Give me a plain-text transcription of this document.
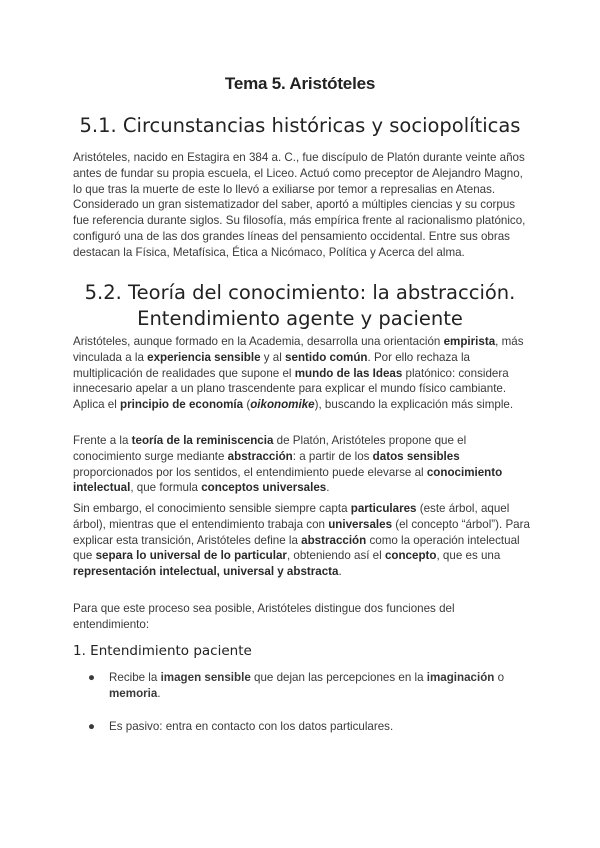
Tema 5. Aristóteles
5.1. Circunstancias históricas y sociopolíticas

Aristóteles, nacido en Estagira en 384 a. C., fue discípulo de Platón durante veinte años antes de fundar su propia escuela, el Liceo. Actuó como preceptor de Alejandro Magno, lo que tras la muerte de este lo llevó a exiliarse por temor a represalias en Atenas. Considerado un gran sistematizador del saber, aportó a múltiples ciencias y su corpus fue referencia durante siglos. Su filosofía, más empírica frente al racionalismo platónico, configuró una de las dos grandes líneas del pensamiento occidental. Entre sus obras destacan la Física, Metafísica, Ética a Nicómaco, Política y Acerca del alma.

5.2. Teoría del conocimiento: la abstracción.
Entendimiento agente y paciente

Aristóteles, aunque formado en la Academia, desarrolla una orientación empirista, más vinculada a la experiencia sensible y al sentido común. Por ello rechaza la multiplicación de realidades que supone el mundo de las Ideas platónico: considera innecesario apelar a un plano trascendente para explicar el mundo físico cambiante. Aplica el principio de economía (oikonomike), buscando la explicación más simple.

Frente a la teoría de la reminiscencia de Platón, Aristóteles propone que el conocimiento surge mediante abstracción: a partir de los datos sensibles proporcionados por los sentidos, el entendimiento puede elevarse al conocimiento intelectual, que formula conceptos universales.

Sin embargo, el conocimiento sensible siempre capta particulares (este árbol, aquel árbol), mientras que el entendimiento trabaja con universales (el concepto “árbol”). Para explicar esta transición, Aristóteles define la abstracción como la operación intelectual que separa lo universal de lo particular, obteniendo así el concepto, que es una representación intelectual, universal y abstracta.

Para que este proceso sea posible, Aristóteles distingue dos funciones del entendimiento:

1. Entendimiento paciente
● Recibe la imagen sensible que dejan las percepciones en la imaginación o memoria.
● Es pasivo: entra en contacto con los datos particulares.
